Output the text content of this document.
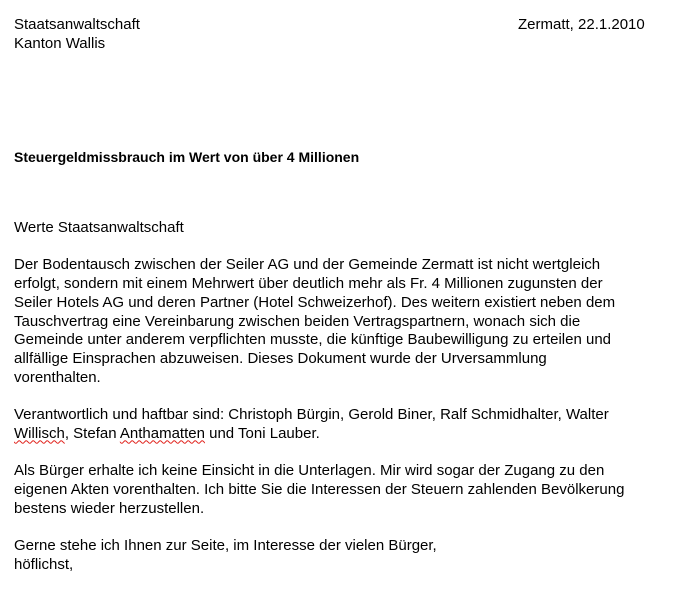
Staatsanwaltschaft
Kanton Wallis
Zermatt, 22.1.2010
Steuergeldmissbrauch im Wert von über 4 Millionen

Werte Staatsanwaltschaft

Der Bodentausch zwischen der Seiler AG und der Gemeinde Zermatt ist nicht wertgleich
erfolgt, sondern mit einem Mehrwert über deutlich mehr als Fr. 4 Millionen zugunsten der
Seiler Hotels AG und deren Partner (Hotel Schweizerhof). Des weitern existiert neben dem
Tauschvertrag eine Vereinbarung zwischen beiden Vertragspartnern, wonach sich die
Gemeinde unter anderem verpflichten musste, die künftige Baubewilligung zu erteilen und
allfällige Einsprachen abzuweisen. Dieses Dokument wurde der Urversammlung
vorenthalten.

Verantwortlich und haftbar sind: Christoph Bürgin, Gerold Biner, Ralf Schmidhalter, Walter
Willisch, Stefan Anthamatten und Toni Lauber.

Als Bürger erhalte ich keine Einsicht in die Unterlagen. Mir wird sogar der Zugang zu den
eigenen Akten vorenthalten. Ich bitte Sie die Interessen der Steuern zahlenden Bevölkerung
bestens wieder herzustellen.

Gerne stehe ich Ihnen zur Seite, im Interesse der vielen Bürger,
höflichst,
